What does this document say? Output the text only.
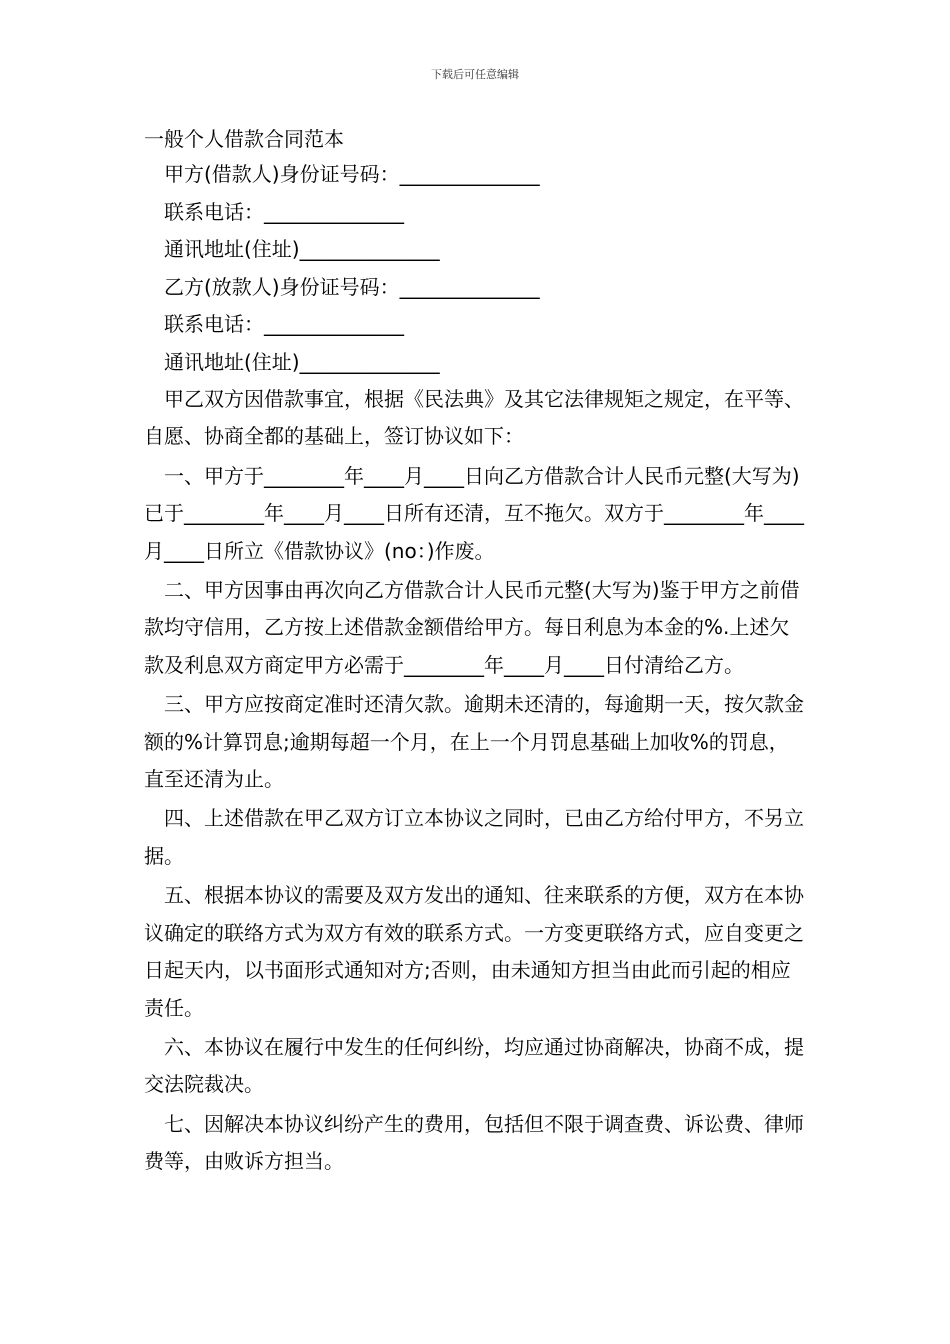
下载后可任意编辑
一般个人借款合同范本
甲方(借款人)身份证号码：______________
联系电话：______________
通讯地址(住址)______________
乙方(放款人)身份证号码：______________
联系电话：______________
通讯地址(住址)______________

甲乙双方因借款事宜，根据《民法典》及其它法律规矩之规定，在平等、自愿、协商全都的基础上，签订协议如下：

一、甲方于________年____月____日向乙方借款合计人民币元整(大写为)已于________年____月____日所有还清，互不拖欠。双方于________年____月____日所立《借款协议》(no：)作废。

二、甲方因事由再次向乙方借款合计人民币元整(大写为)鉴于甲方之前借款均守信用，乙方按上述借款金额借给甲方。每日利息为本金的%.上述欠款及利息双方商定甲方必需于________年____月____日付清给乙方。

三、甲方应按商定准时还清欠款。逾期未还清的，每逾期一天，按欠款金额的%计算罚息;逾期每超一个月，在上一个月罚息基础上加收%的罚息，直至还清为止。

四、上述借款在甲乙双方订立本协议之同时，已由乙方给付甲方，不另立据。

五、根据本协议的需要及双方发出的通知、往来联系的方便，双方在本协议确定的联络方式为双方有效的联系方式。一方变更联络方式，应自变更之日起天内，以书面形式通知对方;否则，由未通知方担当由此而引起的相应责任。

六、本协议在履行中发生的任何纠纷，均应通过协商解决，协商不成，提交法院裁决。

七、因解决本协议纠纷产生的费用，包括但不限于调查费、诉讼费、律师费等，由败诉方担当。
